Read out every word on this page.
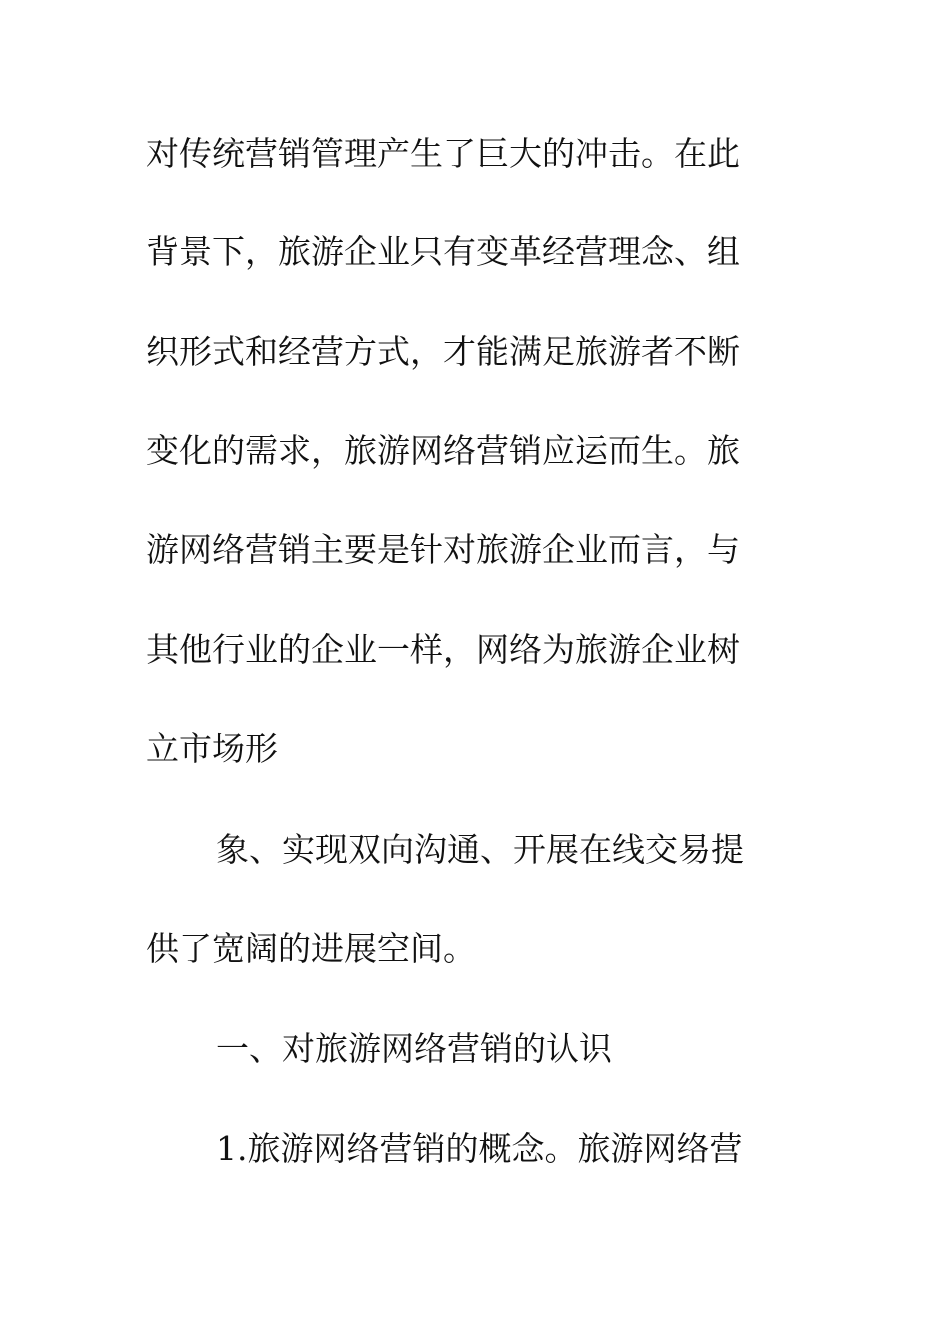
对传统营销管理产生了巨大的冲击。在此
背景下，旅游企业只有变革经营理念、组
织形式和经营方式，才能满足旅游者不断
变化的需求，旅游网络营销应运而生。旅
游网络营销主要是针对旅游企业而言，与
其他行业的企业一样，网络为旅游企业树
立市场形
象、实现双向沟通、开展在线交易提
供了宽阔的进展空间。
一、对旅游网络营销的认识
1.旅游网络营销的概念。旅游网络营
